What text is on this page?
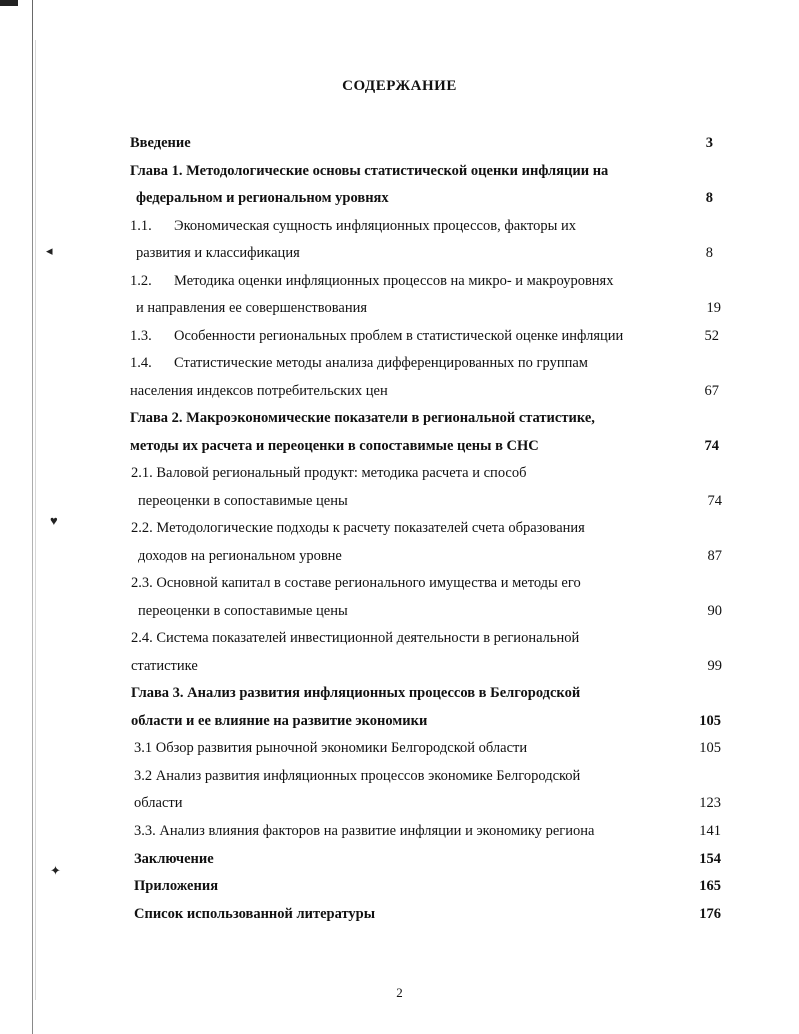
◂
♥
✦
СОДЕРЖАНИЕ
Введение	3
Глава 1. Методологические основы статистической оценки инфляции на
федеральном и региональном уровнях	8
1.1. Экономическая сущность инфляционных процессов, факторы их
развития и классификация	8
1.2. Методика оценки инфляционных процессов на микро- и макроуровнях
и направления ее совершенствования	19
1.3. Особенности региональных проблем в статистической оценке инфляции	52
1.4. Статистические методы анализа дифференцированных по группам
населения индексов потребительских цен	67
Глава 2. Макроэкономические показатели в региональной статистике,
методы их расчета и переоценки в сопоставимые цены в СНС	74
2.1. Валовой региональный продукт: методика расчета и способ
переоценки в сопоставимые цены	74
2.2. Методологические подходы к расчету показателей счета образования
доходов на региональном уровне	87
2.3. Основной капитал в составе регионального имущества и методы его
переоценки в сопоставимые цены	90
2.4. Система показателей инвестиционной деятельности в региональной
статистике	99
Глава 3. Анализ развития инфляционных процессов в Белгородской
области и ее влияние на развитие экономики	105
3.1 Обзор развития рыночной экономики Белгородской области	105
3.2 Анализ развития инфляционных процессов экономике Белгородской
области	123
3.3. Анализ влияния факторов на развитие инфляции и экономику региона	141
Заключение	154
Приложения	165
Список использованной литературы	176
2
